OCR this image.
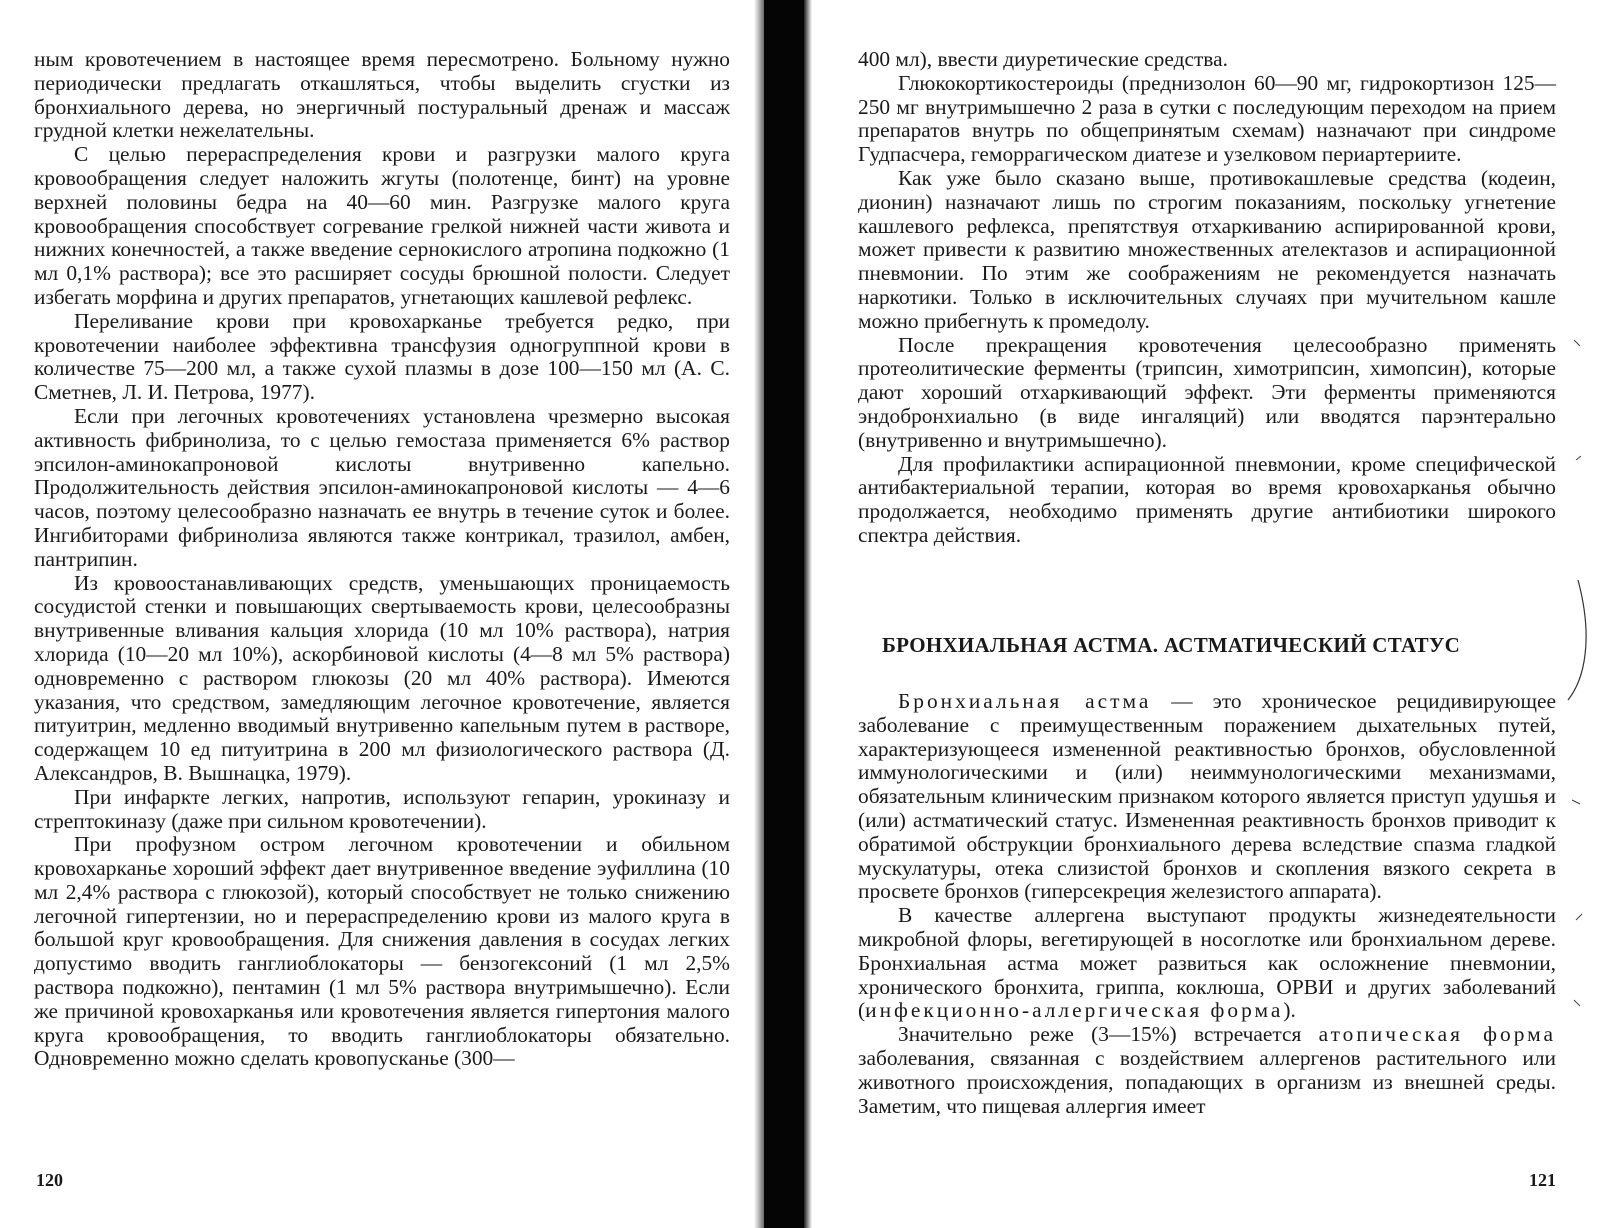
ным кровотечением в настоящее время пересмотрено. Больному нужно периодически предлагать откашляться, чтобы выделить сгустки из бронхиального дерева, но энергичный постуральный дренаж и массаж грудной клетки нежелательны.

С целью перераспределения крови и разгрузки малого круга кровообращения следует наложить жгуты (полотенце, бинт) на уровне верхней половины бедра на 40—60 мин. Разгрузке малого круга кровообращения способствует согревание грелкой нижней части живота и нижних конечностей, а также введение сернокислого атропина подкожно (1 мл 0,1% раствора); все это расширяет сосуды брюшной полости. Следует избегать морфина и других препаратов, угнетающих кашлевой рефлекс.

Переливание крови при кровохарканье требуется редко, при кровотечении наиболее эффективна трансфузия одногруппной крови в количестве 75—200 мл, а также сухой плазмы в дозе 100—150 мл (А. С. Сметнев, Л. И. Петрова, 1977).

Если при легочных кровотечениях установлена чрезмерно высокая активность фибринолиза, то с целью гемостаза применяется 6% раствор эпсилон-аминокапроновой кислоты внутривенно капельно. Продолжительность действия эпсилон-аминокапроновой кислоты — 4—6 часов, поэтому целесообразно назначать ее внутрь в течение суток и более. Ингибиторами фибринолиза являются также контрикал, тразилол, амбен, пантрипин.

Из кровоостанавливающих средств, уменьшающих проницаемость сосудистой стенки и повышающих свертываемость крови, целесообразны внутривенные вливания кальция хлорида (10 мл 10% раствора), натрия хлорида (10—20 мл 10%), аскорбиновой кислоты (4—8 мл 5% раствора) одновременно с раствором глюкозы (20 мл 40% раствора). Имеются указания, что средством, замедляющим легочное кровотечение, является питуитрин, медленно вводимый внутривенно капельным путем в растворе, содержащем 10 ед питуитрина в 200 мл физиологического раствора (Д. Александров, В. Вышнацка, 1979).

При инфаркте легких, напротив, используют гепарин, урокиназу и стрептокиназу (даже при сильном кровотечении).

При профузном остром легочном кровотечении и обильном кровохарканье хороший эффект дает внутривенное введение эуфиллина (10 мл 2,4% раствора с глюкозой), который способствует не только снижению легочной гипертензии, но и перераспределению крови из малого круга в большой круг кровообращения. Для снижения давления в сосудах легких допустимо вводить ганглиоблокаторы — бензогексоний (1 мл 2,5% раствора подкожно), пентамин (1 мл 5% раствора внутримышечно). Если же причиной кровохарканья или кровотечения является гипертония малого круга кровообращения, то вводить ганглиоблокаторы обязательно. Одновременно можно сделать кровопусканье (300—

120

400 мл), ввести диуретические средства.

Глюкокортикостероиды (преднизолон 60—90 мг, гидрокортизон 125—250 мг внутримышечно 2 раза в сутки с последующим переходом на прием препаратов внутрь по общепринятым схемам) назначают при синдроме Гудпасчера, геморрагическом диатезе и узелковом периартериите.

Как уже было сказано выше, противокашлевые средства (кодеин, дионин) назначают лишь по строгим показаниям, поскольку угнетение кашлевого рефлекса, препятствуя отхаркиванию аспирированной крови, может привести к развитию множественных ателектазов и аспирационной пневмонии. По этим же соображениям не рекомендуется назначать наркотики. Только в исключительных случаях при мучительном кашле можно прибегнуть к промедолу.

После прекращения кровотечения целесообразно применять протеолитические ферменты (трипсин, химотрипсин, химопсин), которые дают хороший отхаркивающий эффект. Эти ферменты применяются эндобронхиально (в виде ингаляций) или вводятся парэнтерально (внутривенно и внутримышечно).

Для профилактики аспирационной пневмонии, кроме специфической антибактериальной терапии, которая во время кровохарканья обычно продолжается, необходимо применять другие антибиотики широкого спектра действия.

БРОНХИАЛЬНАЯ АСТМА. АСТМАТИЧЕСКИЙ СТАТУС

Бронхиальная астма — это хроническое рецидивирующее заболевание с преимущественным поражением дыхательных путей, характеризующееся измененной реактивностью бронхов, обусловленной иммунологическими и (или) неиммунологическими механизмами, обязательным клиническим признаком которого является приступ удушья и (или) астматический статус. Измененная реактивность бронхов приводит к обратимой обструкции бронхиального дерева вследствие спазма гладкой мускулатуры, отека слизистой бронхов и скопления вязкого секрета в просвете бронхов (гиперсекреция железистого аппарата).

В качестве аллергена выступают продукты жизнедеятельности микробной флоры, вегетирующей в носоглотке или бронхиальном дереве. Бронхиальная астма может развиться как осложнение пневмонии, хронического бронхита, гриппа, коклюша, ОРВИ и других заболеваний (инфекционно-аллергическая форма).

Значительно реже (3—15%) встречается атопическая форма заболевания, связанная с воздействием аллергенов растительного или животного происхождения, попадающих в организм из внешней среды. Заметим, что пищевая аллергия имеет

121
